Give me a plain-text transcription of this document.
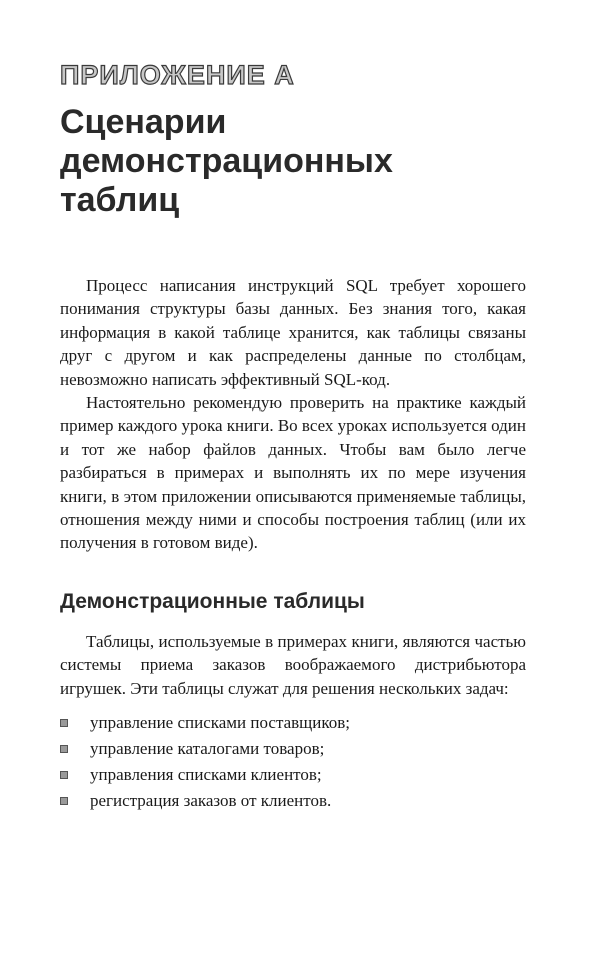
ПРИЛОЖЕНИЕ А
Сценарии
демонстрационных
таблиц

Процесс написания инструкций SQL требует хорошего понимания структуры базы данных. Без знания того, какая информация в какой таблице хранится, как таблицы связаны друг с другом и как распределены данные по столбцам, невозможно написать эффективный SQL-код.

Настоятельно рекомендую проверить на практике каждый пример каждого урока книги. Во всех уроках используется один и тот же набор файлов данных. Чтобы вам было легче разбираться в примерах и выполнять их по мере изучения книги, в этом приложении описываются применяемые таблицы, отношения между ними и способы построения таблиц (или их получения в готовом виде).

Демонстрационные таблицы

Таблицы, используемые в примерах книги, являются частью системы приема заказов воображаемого дистрибьютора игрушек. Эти таблицы служат для решения нескольких задач:

управление списками поставщиков;
управление каталогами товаров;
управления списками клиентов;
регистрация заказов от клиентов.
